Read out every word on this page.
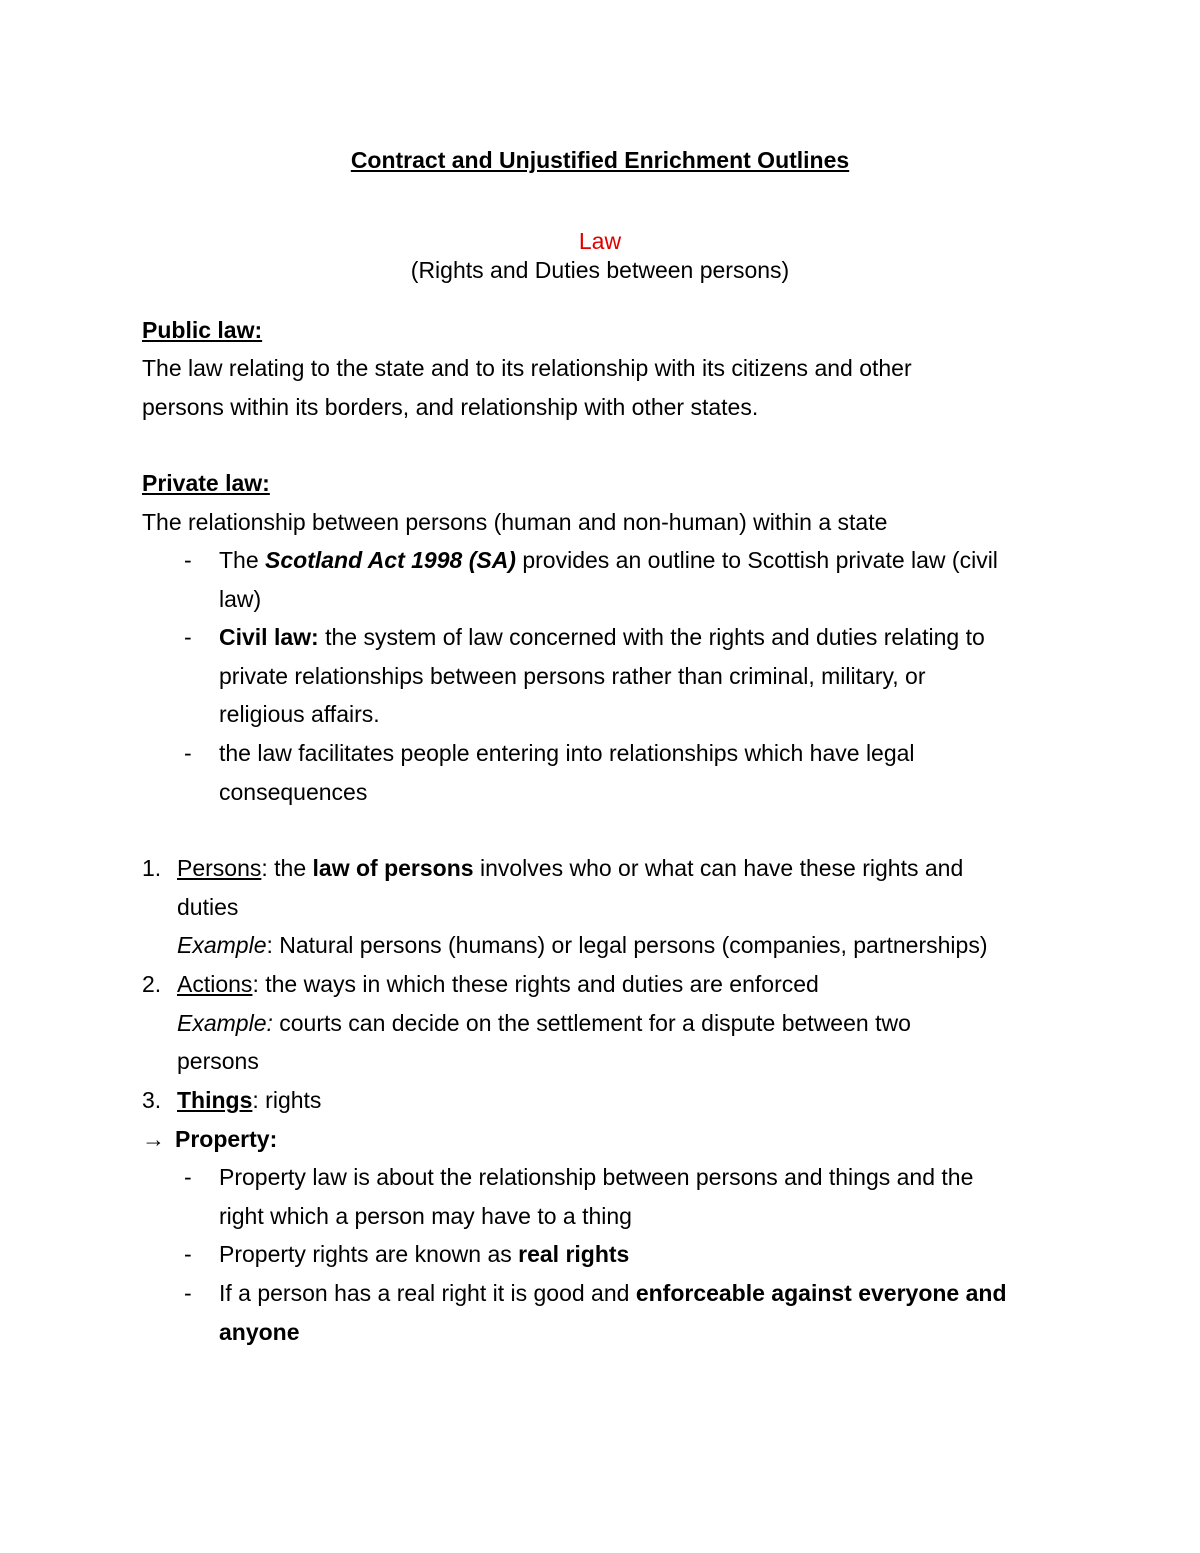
Contract and Unjustified Enrichment Outlines
Law
(Rights and Duties between persons)
Public law:
The law relating to the state and to its relationship with its citizens and other
persons within its borders, and relationship with other states.
Private law:
The relationship between persons (human and non-human) within a state
- The Scotland Act 1998 (SA) provides an outline to Scottish private law (civil
law)
- Civil law: the system of law concerned with the rights and duties relating to
private relationships between persons rather than criminal, military, or
religious affairs.
- the law facilitates people entering into relationships which have legal
consequences
1. Persons: the law of persons involves who or what can have these rights and
duties
Example: Natural persons (humans) or legal persons (companies, partnerships)
2. Actions: the ways in which these rights and duties are enforced
Example: courts can decide on the settlement for a dispute between two
persons
3. Things: rights
→ Property:
- Property law is about the relationship between persons and things and the
right which a person may have to a thing
- Property rights are known as real rights
- If a person has a real right it is good and enforceable against everyone and
anyone
